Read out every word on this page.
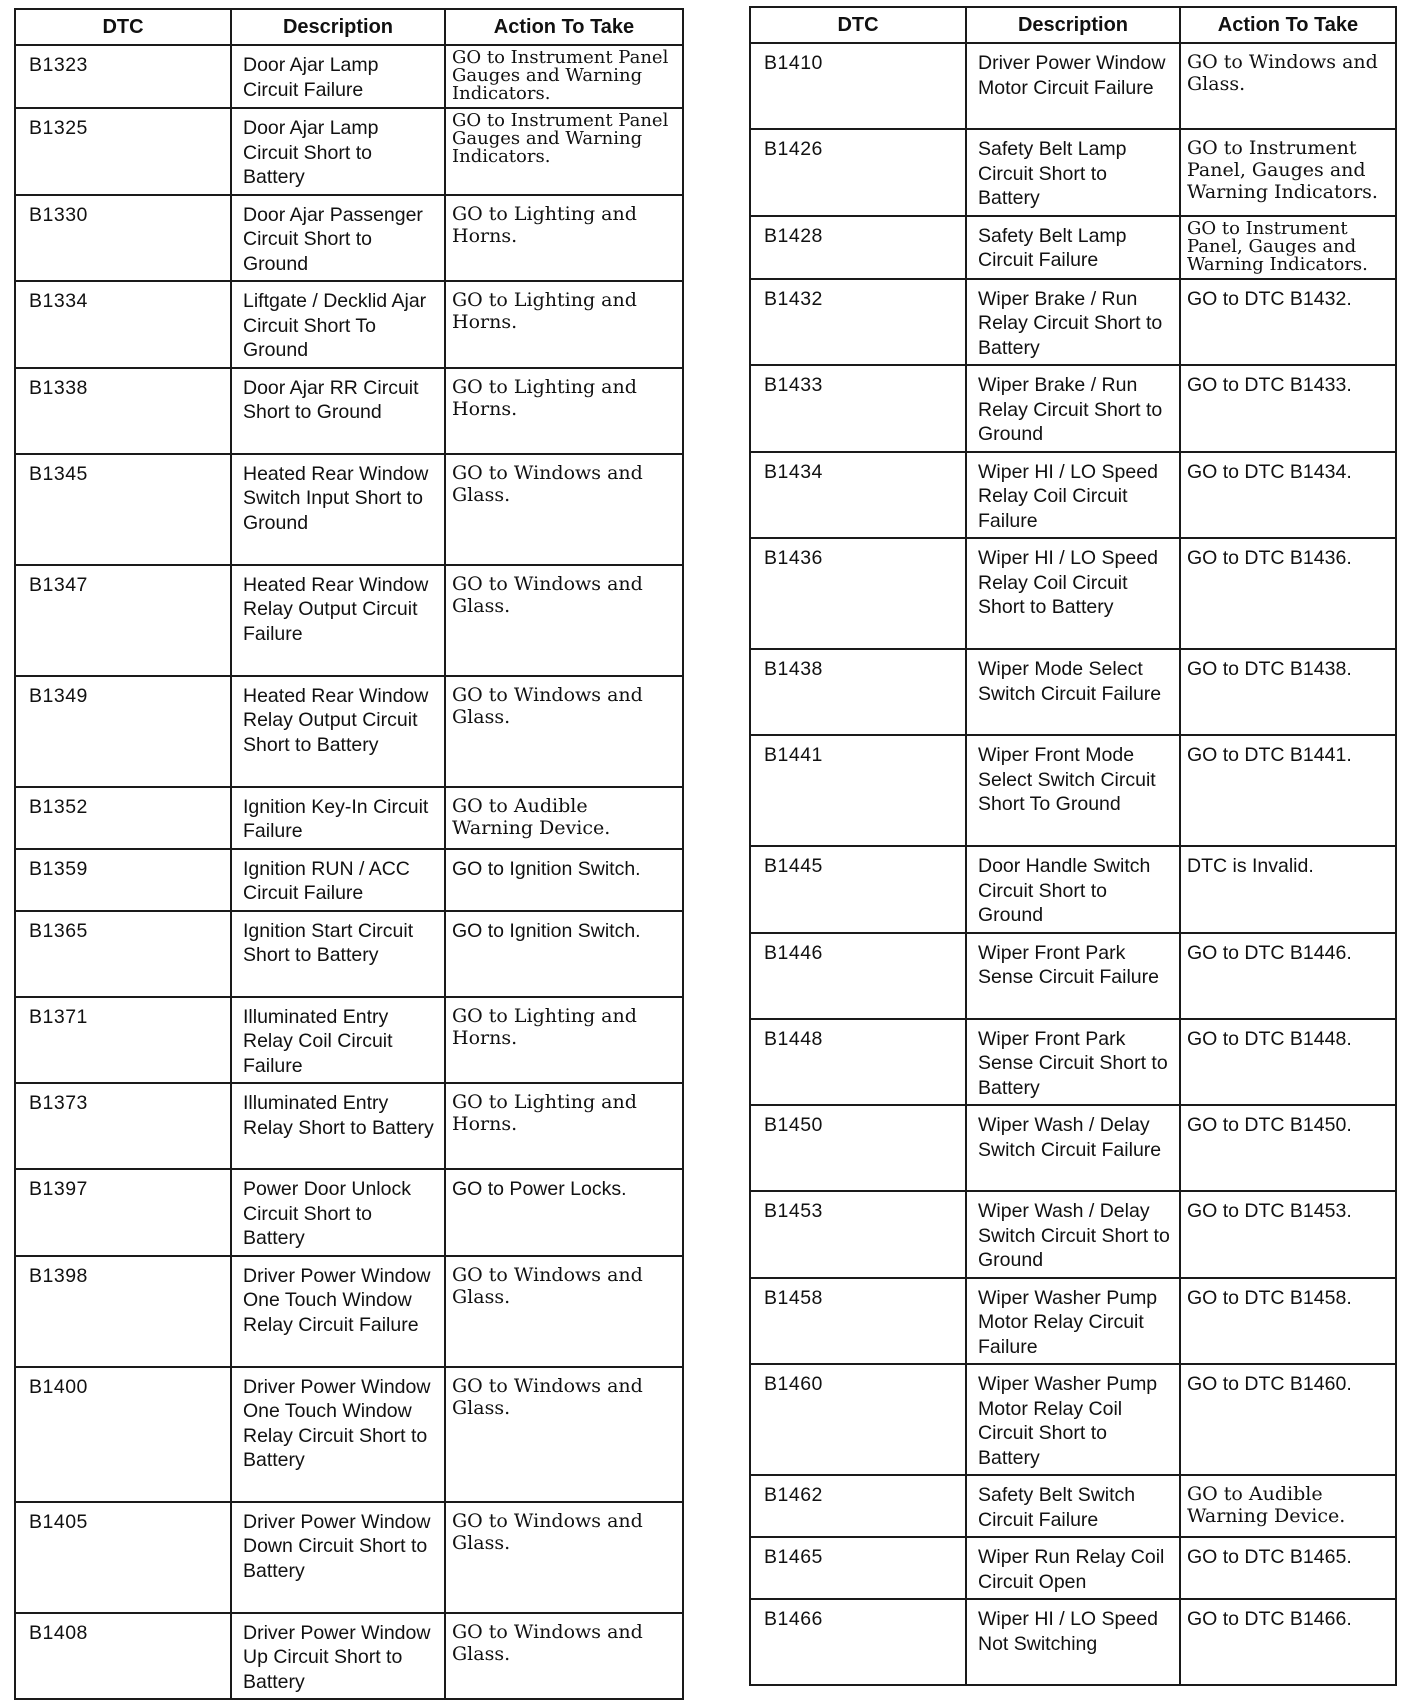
DTC	Description	Action To Take
B1323	Door Ajar Lamp Circuit Failure	GO to Instrument Panel Gauges and Warning Indicators.
B1325	Door Ajar Lamp Circuit Short to Battery	GO to Instrument Panel Gauges and Warning Indicators.
B1330	Door Ajar Passenger Circuit Short to Ground	GO to Lighting and Horns.
B1334	Liftgate / Decklid Ajar Circuit Short To Ground	GO to Lighting and Horns.
B1338	Door Ajar RR Circuit Short to Ground	GO to Lighting and Horns.
B1345	Heated Rear Window Switch Input Short to Ground	GO to Windows and Glass.
B1347	Heated Rear Window Relay Output Circuit Failure	GO to Windows and Glass.
B1349	Heated Rear Window Relay Output Circuit Short to Battery	GO to Windows and Glass.
B1352	Ignition Key-In Circuit Failure	GO to Audible Warning Device.
B1359	Ignition RUN / ACC Circuit Failure	GO to Ignition Switch.
B1365	Ignition Start Circuit Short to Battery	GO to Ignition Switch.
B1371	Illuminated Entry Relay Coil Circuit Failure	GO to Lighting and Horns.
B1373	Illuminated Entry Relay Short to Battery	GO to Lighting and Horns.
B1397	Power Door Unlock Circuit Short to Battery	GO to Power Locks.
B1398	Driver Power Window One Touch Window Relay Circuit Failure	GO to Windows and Glass.
B1400	Driver Power Window One Touch Window Relay Circuit Short to Battery	GO to Windows and Glass.
B1405	Driver Power Window Down Circuit Short to Battery	GO to Windows and Glass.
B1408	Driver Power Window Up Circuit Short to Battery	GO to Windows and Glass.
DTC	Description	Action To Take
B1410	Driver Power Window Motor Circuit Failure	GO to Windows and Glass.
B1426	Safety Belt Lamp Circuit Short to Battery	GO to Instrument Panel, Gauges and Warning Indicators.
B1428	Safety Belt Lamp Circuit Failure	GO to Instrument Panel, Gauges and Warning Indicators.
B1432	Wiper Brake / Run Relay Circuit Short to Battery	GO to DTC B1432.
B1433	Wiper Brake / Run Relay Circuit Short to Ground	GO to DTC B1433.
B1434	Wiper HI / LO Speed Relay Coil Circuit Failure	GO to DTC B1434.
B1436	Wiper HI / LO Speed Relay Coil Circuit Short to Battery	GO to DTC B1436.
B1438	Wiper Mode Select Switch Circuit Failure	GO to DTC B1438.
B1441	Wiper Front Mode Select Switch Circuit Short To Ground	GO to DTC B1441.
B1445	Door Handle Switch Circuit Short to Ground	DTC is Invalid.
B1446	Wiper Front Park Sense Circuit Failure	GO to DTC B1446.
B1448	Wiper Front Park Sense Circuit Short to Battery	GO to DTC B1448.
B1450	Wiper Wash / Delay Switch Circuit Failure	GO to DTC B1450.
B1453	Wiper Wash / Delay Switch Circuit Short to Ground	GO to DTC B1453.
B1458	Wiper Washer Pump Motor Relay Circuit Failure	GO to DTC B1458.
B1460	Wiper Washer Pump Motor Relay Coil Circuit Short to Battery	GO to DTC B1460.
B1462	Safety Belt Switch Circuit Failure	GO to Audible Warning Device.
B1465	Wiper Run Relay Coil Circuit Open	GO to DTC B1465.
B1466	Wiper HI / LO Speed Not Switching	GO to DTC B1466.
